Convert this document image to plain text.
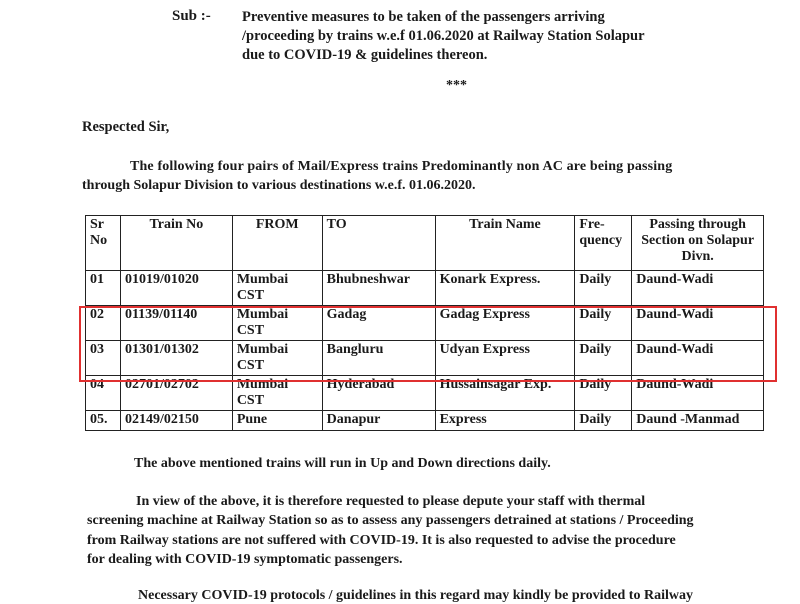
Sub :- Preventive measures to be taken of the passengers arriving
/proceeding by trains w.e.f 01.06.2020 at Railway Station Solapur
due to COVID-19 & guidelines thereon.
***
Respected Sir,
The following four pairs of Mail/Express trains Predominantly non AC are being passing
through Solapur Division to various destinations w.e.f. 01.06.2020.
Sr No	Train No	FROM	TO	Train Name	Fre- quency	Passing through Section on Solapur Divn.
01	01019/01020	Mumbai CST	Bhubneshwar	Konark Express.	Daily	Daund-Wadi
02	01139/01140	Mumbai CST	Gadag	Gadag Express	Daily	Daund-Wadi
03	01301/01302	Mumbai CST	Bangluru	Udyan Express	Daily	Daund-Wadi
04	02701/02702	Mumbai CST	Hyderabad	Hussainsagar Exp.	Daily	Daund-Wadi
05.	02149/02150	Pune	Danapur	Express	Daily	Daund -Manmad
The above mentioned trains will run in Up and Down directions daily.
In view of the above, it is therefore requested to please depute your staff with thermal
screening machine at Railway Station so as to assess any passengers detrained at stations / Proceeding
from Railway stations are not suffered with COVID-19. It is also requested to advise the procedure
for dealing with COVID-19 symptomatic passengers.
Necessary COVID-19 protocols / guidelines in this regard may kindly be provided to Railway
